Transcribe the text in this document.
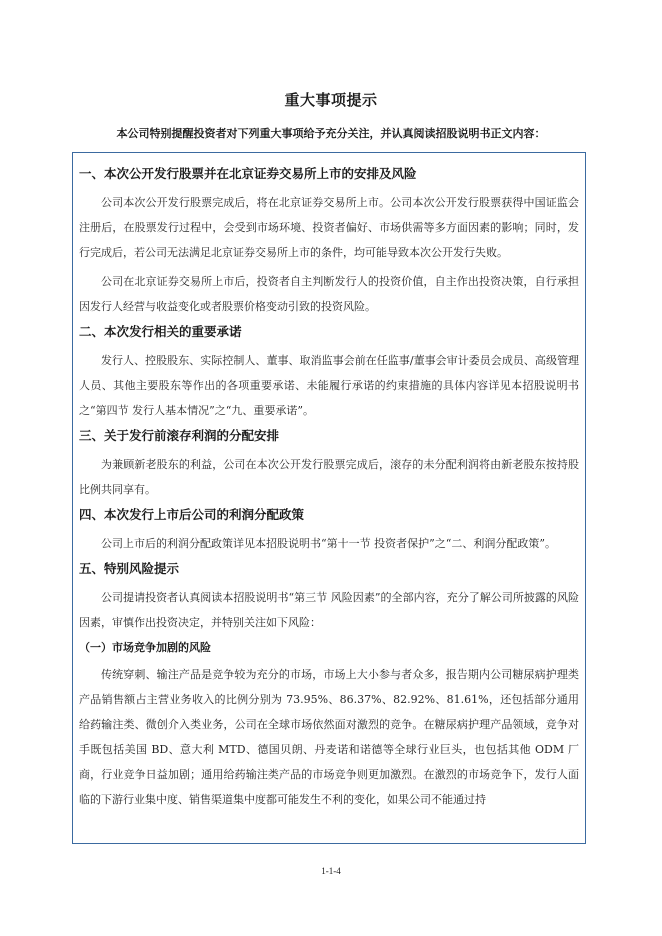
重大事项提示
本公司特别提醒投资者对下列重大事项给予充分关注，并认真阅读招股说明书正文内容：
一、本次公开发行股票并在北京证券交易所上市的安排及风险

公司本次公开发行股票完成后，将在北京证券交易所上市。公司本次公开发行股票获得中国证监会注册后，在股票发行过程中，会受到市场环境、投资者偏好、市场供需等多方面因素的影响；同时，发行完成后，若公司无法满足北京证券交易所上市的条件，均可能导致本次公开发行失败。

公司在北京证券交易所上市后，投资者自主判断发行人的投资价值，自主作出投资决策，自行承担因发行人经营与收益变化或者股票价格变动引致的投资风险。

二、本次发行相关的重要承诺

发行人、控股股东、实际控制人、董事、取消监事会前在任监事/董事会审计委员会成员、高级管理人员、其他主要股东等作出的各项重要承诺、未能履行承诺的约束措施的具体内容详见本招股说明书之“第四节 发行人基本情况”之“九、重要承诺”。

三、关于发行前滚存利润的分配安排

为兼顾新老股东的利益，公司在本次公开发行股票完成后，滚存的未分配利润将由新老股东按持股比例共同享有。

四、本次发行上市后公司的利润分配政策

公司上市后的利润分配政策详见本招股说明书“第十一节 投资者保护”之“二、利润分配政策”。

五、特别风险提示

公司提请投资者认真阅读本招股说明书“第三节 风险因素”的全部内容，充分了解公司所披露的风险因素，审慎作出投资决定，并特别关注如下风险：

（一）市场竞争加剧的风险

传统穿刺、输注产品是竞争较为充分的市场，市场上大小参与者众多，报告期内公司糖尿病护理类产品销售额占主营业务收入的比例分别为 73.95%、86.37%、82.92%、81.61%，还包括部分通用给药输注类、微创介入类业务，公司在全球市场依然面对激烈的竞争。在糖尿病护理产品领域，竞争对手既包括美国 BD、意大利 MTD、德国贝朗、丹麦诺和诺德等全球行业巨头，也包括其他 ODM 厂商，行业竞争日益加剧；通用给药输注类产品的市场竞争则更加激烈。在激烈的市场竞争下，发行人面临的下游行业集中度、销售渠道集中度都可能发生不利的变化，如果公司不能通过持

1-1-4
